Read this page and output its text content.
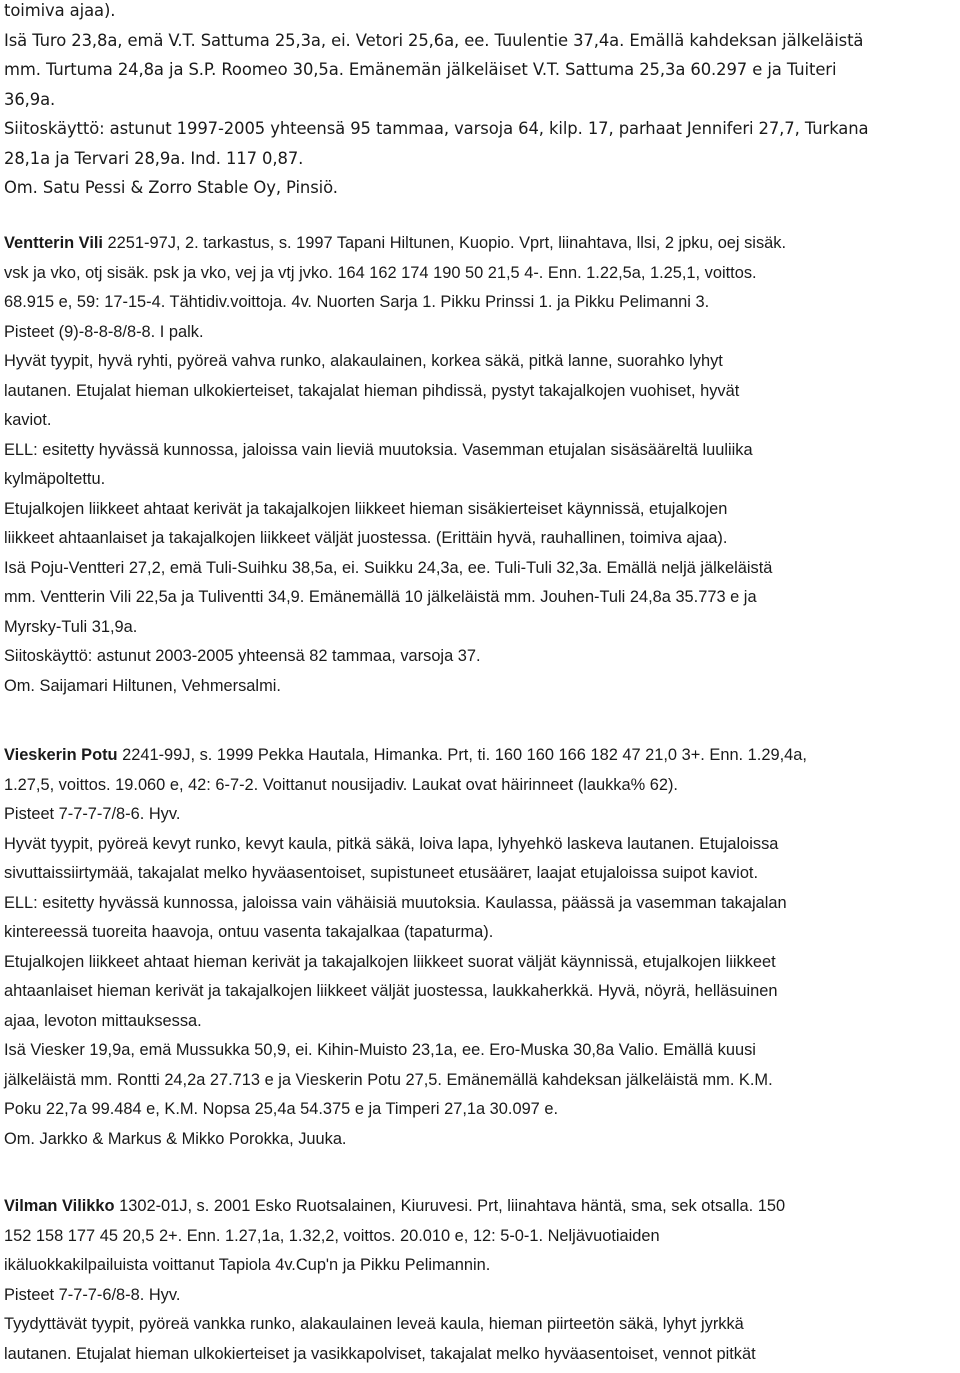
toimiva ajaa).
Isä Turo 23,8a, emä V.T. Sattuma 25,3a, ei. Vetori 25,6a, ee. Tuulentie 37,4a. Emällä kahdeksan jälkeläistä
mm. Turtuma 24,8a ja S.P. Roomeo 30,5a. Emänemän jälkeläiset V.T. Sattuma 25,3a 60.297 e ja Tuiteri
36,9a.
Siitoskäyttö: astunut 1997-2005 yhteensä 95 tammaa, varsoja 64, kilp. 17, parhaat Jenniferi 27,7, Turkana
28,1a ja Tervari 28,9a. Ind. 117 0,87.
Om. Satu Pessi & Zorro Stable Oy, Pinsiö.
Ventterin Vili 2251-97J, 2. tarkastus, s. 1997 Tapani Hiltunen, Kuopio. Vprt, liinahtava, llsi, 2 jpku, oej sisäk.
vsk ja vko, otj sisäk. psk ja vko, vej ja vtj jvko. 164 162 174 190 50 21,5 4-. Enn. 1.22,5a, 1.25,1, voittos.
68.915 e, 59: 17-15-4. Tähtidiv.voittoja. 4v. Nuorten Sarja 1. Pikku Prinssi 1. ja Pikku Pelimanni 3.
Pisteet (9)-8-8-8/8-8. I palk.
Hyvät tyypit, hyvä ryhti, pyöreä vahva runko, alakaulainen, korkea säkä, pitkä lanne, suorahko lyhyt
lautanen. Etujalat hieman ulkokierteiset, takajalat hieman pihdissä, pystyt takajalkojen vuohiset, hyvät
kaviot.
ELL: esitetty hyvässä kunnossa, jaloissa vain lieviä muutoksia. Vasemman etujalan sisäsääreltä luuliika
kylmäpoltettu.
Etujalkojen liikkeet ahtaat kerivät ja takajalkojen liikkeet hieman sisäkierteiset käynnissä, etujalkojen
liikkeet ahtaanlaiset ja takajalkojen liikkeet väljät juostessa. (Erittäin hyvä, rauhallinen, toimiva ajaa).
Isä Poju-Ventteri 27,2, emä Tuli-Suihku 38,5a, ei. Suikku 24,3a, ee. Tuli-Tuli 32,3a. Emällä neljä jälkeläistä
mm. Ventterin Vili 22,5a ja Tuliventti 34,9. Emänemällä 10 jälkeläistä mm. Jouhen-Tuli 24,8a 35.773 e ja
Myrsky-Tuli 31,9a.
Siitoskäyttö: astunut 2003-2005 yhteensä 82 tammaa, varsoja 37.
Om. Saijamari Hiltunen, Vehmersalmi.
Vieskerin Potu 2241-99J, s. 1999 Pekka Hautala, Himanka. Prt, ti. 160 160 166 182 47 21,0 3+. Enn. 1.29,4a,
1.27,5, voittos. 19.060 e, 42: 6-7-2. Voittanut nousijadiv. Laukat ovat häirinneet (laukka% 62).
Pisteet 7-7-7-7/8-6. Hyv.
Hyvät tyypit, pyöreä kevyt runko, kevyt kaula, pitkä säkä, loiva lapa, lyhyehkö laskeva lautanen. Etujaloissa
sivuttaissiirtymää, takajalat melko hyväasentoiset, supistuneet etusäärет, laajat etujaloissa suipot kaviot.
ELL: esitetty hyvässä kunnossa, jaloissa vain vähäisiä muutoksia. Kaulassa, päässä ja vasemman takajalan
kintereessä tuoreita haavoja, ontuu vasenta takajalkaa (tapaturma).
Etujalkojen liikkeet ahtaat hieman kerivät ja takajalkojen liikkeet suorat väljät käynnissä, etujalkojen liikkeet
ahtaanlaiset hieman kerivät ja takajalkojen liikkeet väljät juostessa, laukkaherkkä. Hyvä, nöyrä, helläsuinen
ajaa, levoton mittauksessa.
Isä Viesker 19,9a, emä Mussukka 50,9, ei. Kihin-Muisto 23,1a, ee. Ero-Muska 30,8a Valio. Emällä kuusi
jälkeläistä mm. Rontti 24,2a 27.713 e ja Vieskerin Potu 27,5. Emänemällä kahdeksan jälkeläistä mm. K.M.
Poku 22,7a 99.484 e, K.M. Nopsa 25,4a 54.375 e ja Timperi 27,1a 30.097 e.
Om. Jarkko & Markus & Mikko Porokka, Juuka.
Vilman Vilikko 1302-01J, s. 2001 Esko Ruotsalainen, Kiuruvesi. Prt, liinahtava häntä, sma, sek otsalla. 150
152 158 177 45 20,5 2+. Enn. 1.27,1a, 1.32,2, voittos. 20.010 e, 12: 5-0-1. Neljävuotiaiden
ikäluokkakilpailuista voittanut Tapiola 4v.Cup'n ja Pikku Pelimannin.
Pisteet 7-7-7-6/8-8. Hyv.
Tyydyttävät tyypit, pyöreä vankka runko, alakaulainen leveä kaula, hieman piirteetön säkä, lyhyt jyrkkä
lautanen. Etujalat hieman ulkokierteiset ja vasikkapolviset, takajalat melko hyväasentoiset, vennot pitkät
